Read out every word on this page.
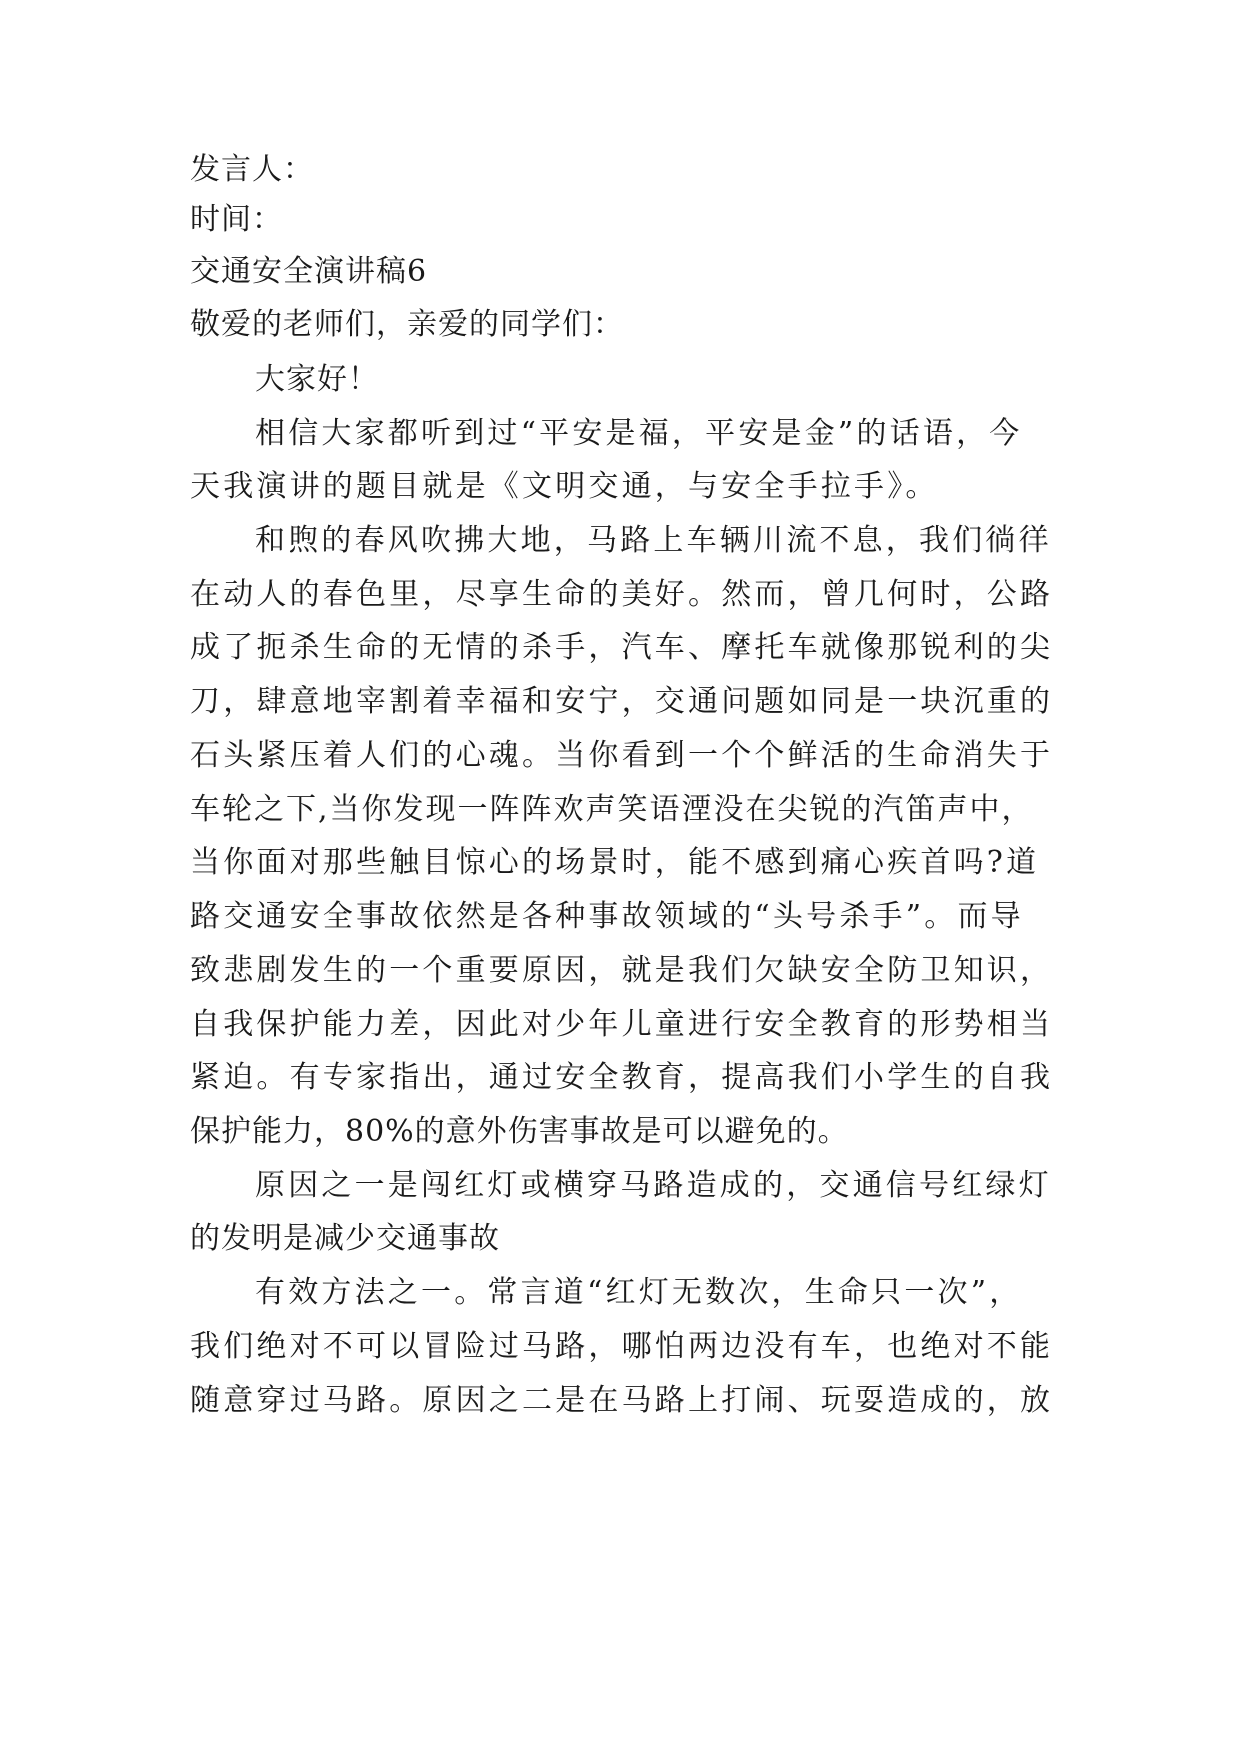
发言人：
时间：
交通安全演讲稿6
敬爱的老师们，亲爱的同学们：
大家好！
相信大家都听到过“平安是福，平安是金”的话语，今
天我演讲的题目就是《文明交通，与安全手拉手》。
和煦的春风吹拂大地，马路上车辆川流不息，我们徜徉
在动人的春色里，尽享生命的美好。然而，曾几何时，公路
成了扼杀生命的无情的杀手，汽车、摩托车就像那锐利的尖
刀，肆意地宰割着幸福和安宁，交通问题如同是一块沉重的
石头紧压着人们的心魂。当你看到一个个鲜活的生命消失于
车轮之下,当你发现一阵阵欢声笑语湮没在尖锐的汽笛声中，
当你面对那些触目惊心的场景时，能不感到痛心疾首吗?道
路交通安全事故依然是各种事故领域的“头号杀手”。而导
致悲剧发生的一个重要原因，就是我们欠缺安全防卫知识，
自我保护能力差，因此对少年儿童进行安全教育的形势相当
紧迫。有专家指出，通过安全教育，提高我们小学生的自我
保护能力，80%的意外伤害事故是可以避免的。
原因之一是闯红灯或横穿马路造成的，交通信号红绿灯
的发明是减少交通事故
有效方法之一。常言道“红灯无数次，生命只一次”，
我们绝对不可以冒险过马路，哪怕两边没有车，也绝对不能
随意穿过马路。原因之二是在马路上打闹、玩耍造成的，放
